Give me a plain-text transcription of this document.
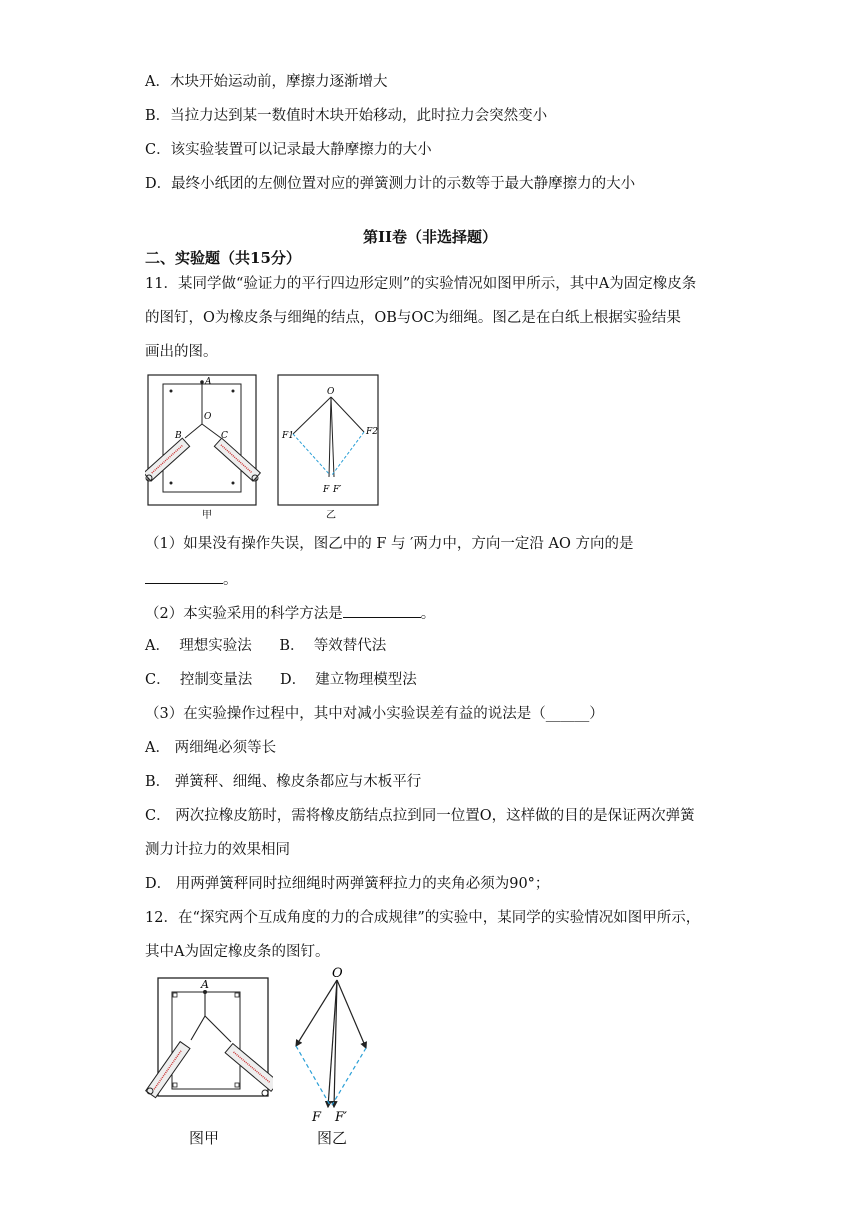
A．木块开始运动前，摩擦力逐渐增大
B．当拉力达到某一数值时木块开始移动，此时拉力会突然变小
C．该实验装置可以记录最大静摩擦力的大小
D．最终小纸团的左侧位置对应的弹簧测力计的示数等于最大静摩擦力的大小
第II卷（非选择题）
二、实验题（共15分）
11．某同学做“验证力的平行四边形定则”的实验情况如图甲所示，其中A为固定橡皮条
的图钉，O为橡皮条与细绳的结点，OB与OC为细绳。图乙是在白纸上根据实验结果
画出的图。
A
O
B	C
甲
O
F1	F2
F F′
乙
（1）如果没有操作失误，图乙中的 F 与 ′两力中，方向一定沿 AO 方向的是
。
（2）本实验采用的科学方法是	。
A．  理想实验法      B．  等效替代法
C．  控制变量法      D．  建立物理模型法
（3）在实验操作过程中，其中对减小实验误差有益的说法是（______）
A． 两细绳必须等长
B． 弹簧秤、细绳、橡皮条都应与木板平行
C． 两次拉橡皮筋时，需将橡皮筋结点拉到同一位置O，这样做的目的是保证两次弹簧
测力计拉力的效果相同
D． 用两弹簧秤同时拉细绳时两弹簧秤拉力的夹角必须为90°；
12．在“探究两个互成角度的力的合成规律”的实验中，某同学的实验情况如图甲所示，
其中A为固定橡皮条的图钉。
A
图甲
O
F F′
图乙
